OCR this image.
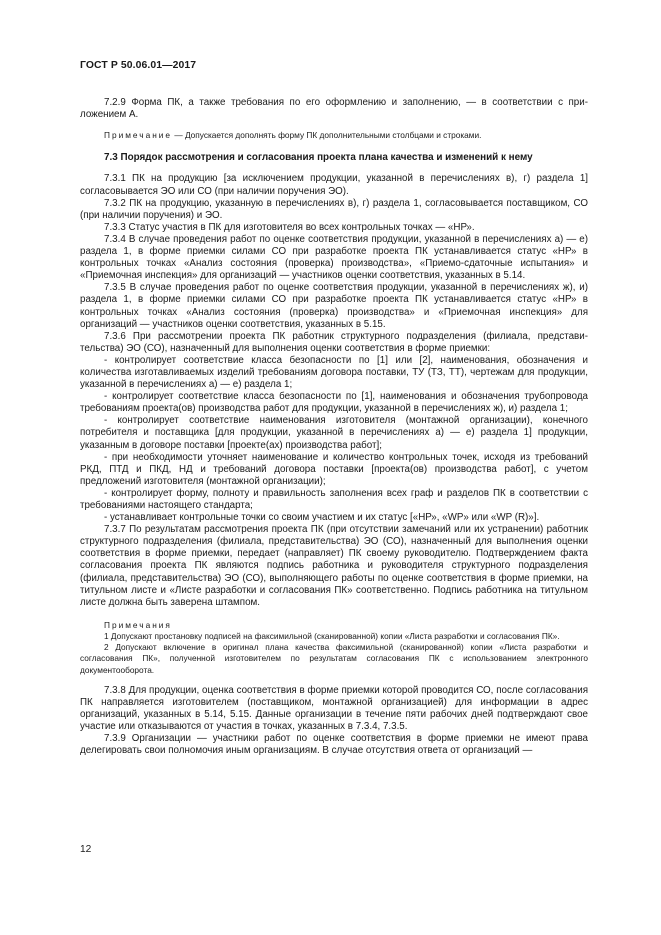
ГОСТ Р 50.06.01—2017

7.2.9 Форма ПК, а также требования по его оформлению и заполнению, — в соответствии с приложением А.

Примечание — Допускается дополнять форму ПК дополнительными столбцами и строками.

7.3 Порядок рассмотрения и согласования проекта плана качества и изменений к нему

7.3.1 ПК на продукцию [за исключением продукции, указанной в перечислениях в), г) раздела 1] согласовывается ЭО или СО (при наличии поручения ЭО).

7.3.2 ПК на продукцию, указанную в перечислениях в), г) раздела 1, согласовывается поставщиком, СО (при наличии поручения) и ЭО.

7.3.3 Статус участия в ПК для изготовителя во всех контрольных точках — «НР».

7.3.4 В случае проведения работ по оценке соответствия продукции, указанной в перечислениях а) — е) раздела 1, в форме приемки силами СО при разработке проекта ПК устанавливается статус «НР» в контрольных точках «Анализ состояния (проверка) производства», «Приемо-сдаточные испытания» и «Приемочная инспекция» для организаций — участников оценки соответствия, указанных в 5.14.

7.3.5 В случае проведения работ по оценке соответствия продукции, указанной в перечислениях ж), и) раздела 1, в форме приемки силами СО при разработке проекта ПК устанавливается статус «НР» в контрольных точках «Анализ состояния (проверка) производства» и «Приемочная инспекция» для организаций — участников оценки соответствия, указанных в 5.15.

7.3.6 При рассмотрении проекта ПК работник структурного подразделения (филиала, представительства) ЭО (СО), назначенный для выполнения оценки соответствия в форме приемки:

- контролирует соответствие класса безопасности по [1] или [2], наименования, обозначения и количества изготавливаемых изделий требованиям договора поставки, ТУ (ТЗ, ТТ), чертежам для продукции, указанной в перечислениях а) — е) раздела 1;

- контролирует соответствие класса безопасности по [1], наименования и обозначения трубопровода требованиям проекта(ов) производства работ для продукции, указанной в перечислениях ж), и) раздела 1;

- контролирует соответствие наименования изготовителя (монтажной организации), конечного потребителя и поставщика [для продукции, указанной в перечислениях а) — е) раздела 1] продукции, указанным в договоре поставки [проекте(ах) производства работ];

- при необходимости уточняет наименование и количество контрольных точек, исходя из требований РКД, ПТД и ПКД, НД и требований договора поставки [проекта(ов) производства работ], с учетом предложений изготовителя (монтажной организации);

- контролирует форму, полноту и правильность заполнения всех граф и разделов ПК в соответствии с требованиями настоящего стандарта;

- устанавливает контрольные точки со своим участием и их статус [«НР», «WP» или «WP (R)»].

7.3.7 По результатам рассмотрения проекта ПК (при отсутствии замечаний или их устранении) работник структурного подразделения (филиала, представительства) ЭО (СО), назначенный для выполнения оценки соответствия в форме приемки, передает (направляет) ПК своему руководителю. Подтверждением факта согласования проекта ПК являются подпись работника и руководителя структурного подразделения (филиала, представительства) ЭО (СО), выполняющего работы по оценке соответствия в форме приемки, на титульном листе и «Листе разработки и согласования ПК» соответственно. Подпись работника на титульном листе должна быть заверена штампом.

Примечания

1 Допускают простановку подписей на факсимильной (сканированной) копии «Листа разработки и согласования ПК».

2 Допускают включение в оригинал плана качества факсимильной (сканированной) копии «Листа разработки и согласования ПК», полученной изготовителем по результатам согласования ПК с использованием электронного документооборота.

7.3.8 Для продукции, оценка соответствия в форме приемки которой проводится СО, после согласования ПК направляется изготовителем (поставщиком, монтажной организацией) для информации в адрес организаций, указанных в 5.14, 5.15. Данные организации в течение пяти рабочих дней подтверждают свое участие или отказываются от участия в точках, указанных в 7.3.4, 7.3.5.

7.3.9 Организации — участники работ по оценке соответствия в форме приемки не имеют права делегировать свои полномочия иным организациям. В случае отсутствия ответа от организаций —

12
